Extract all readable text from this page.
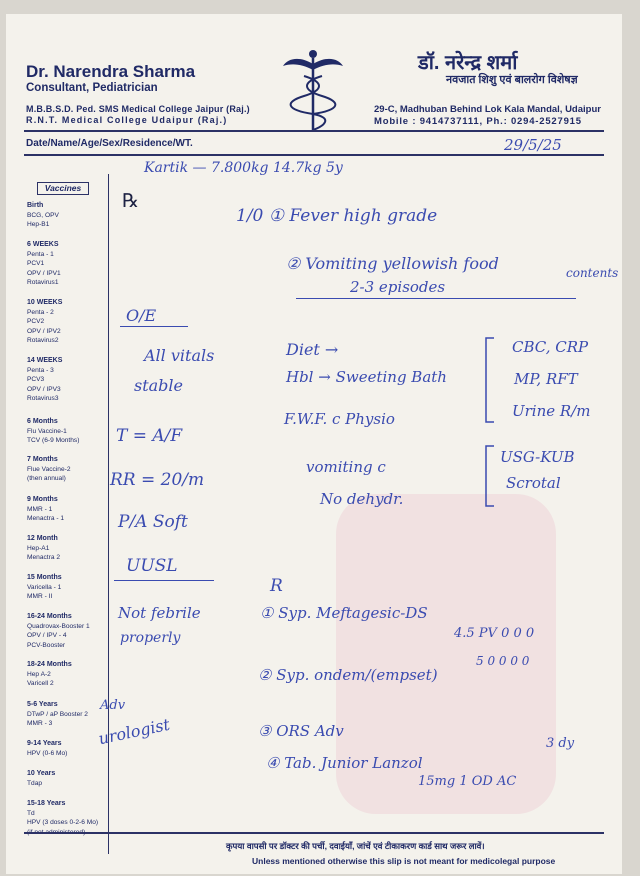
Dr. Narendra Sharma
Consultant, Pediatrician
M.B.B.S.D. Ped. SMS Medical College Jaipur (Raj.)
R.N.T. Medical College Udaipur (Raj.)
डॉ. नरेन्द्र शर्मा
नवजात शिशु एवं बालरोग विशेषज्ञ
29-C, Madhuban Behind Lok Kala Mandal, Udaipur
Mobile : 9414737111, Ph.: 0294-2527915
Date/Name/Age/Sex/Residence/WT.
Vaccines
Birth
BCG, OPV
Hep-B1
6 WEEKS
Penta - 1
PCV1
OPV / IPV1
Rotavirus1
10 WEEKS
Penta - 2
PCV2
OPV / IPV2
Rotavirus2
14 WEEKS
Penta - 3
PCV3
OPV / IPV3
Rotavirus3
6 Months
Flu Vaccine-1
TCV (6-9 Months)
7 Months
Flue Vaccine-2
(then annual)
9 Months
MMR - 1
Menactra - 1
12 Month
Hep-A1
Menactra 2
15 Months
Varicella - 1
MMR - II
16-24 Months
Quadrovax-Booster 1
OPV / IPV - 4
PCV-Booster
18-24 Months
Hep A-2
Varicell 2
5-6 Years
DTwP / aP Booster 2
MMR - 3
9-14 Years
HPV (0-6 Mo)
10 Years
Tdap
15-18 Years
Td
HPV (3 doses 0-2-6 Mo)
℞
29/5/25
Kartik — 7.800kg 14.7kg 5y
1/0 ① Fever high grade
② Vomiting yellowish food
2-3 episodes
contents
O/E
All vitals
stable
T = A/F
RR = 20/m
P/A Soft
UUSL
Not febrile
properly
Adv
urologist
Diet →
Hbl → Sweeting Bath
F.W.F. c Physio
vomiting c
No dehydr.
CBC, CRP
MP, RFT
Urine R/m
USG-KUB
Scrotal
R
① Syp. Meftagesic-DS
4.5 PV 0 0 0
② Syp. ondem/(empset)
5 0 0 0 0
③ ORS Adv
④ Tab. Junior Lanzol
3 dy
15mg 1 OD AC
कृपया वापसी पर डॉक्टर की पर्ची, दवाईयाँ, जांचें एवं टीकाकरण कार्ड साथ जरूर लावें।
Unless mentioned otherwise this slip is not meant for medicolegal purpose
